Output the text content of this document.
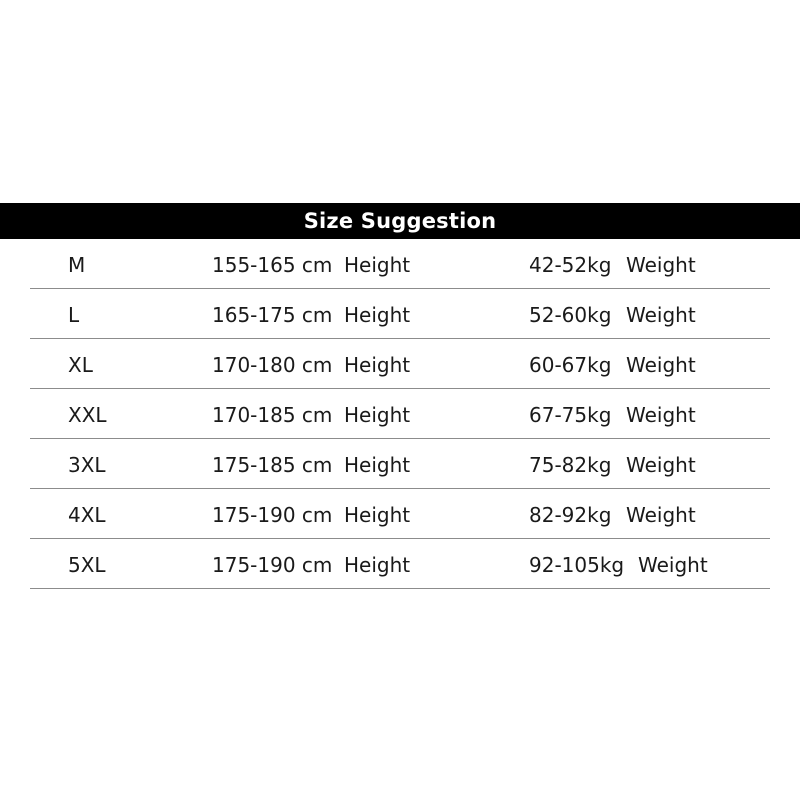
Size Suggestion
M	155-165 cm Height	42-52kg Weight
L	165-175 cm Height	52-60kg Weight
XL	170-180 cm Height	60-67kg Weight
XXL	170-185 cm Height	67-75kg Weight
3XL	175-185 cm Height	75-82kg Weight
4XL	175-190 cm Height	82-92kg Weight
5XL	175-190 cm Height	92-105kg Weight
